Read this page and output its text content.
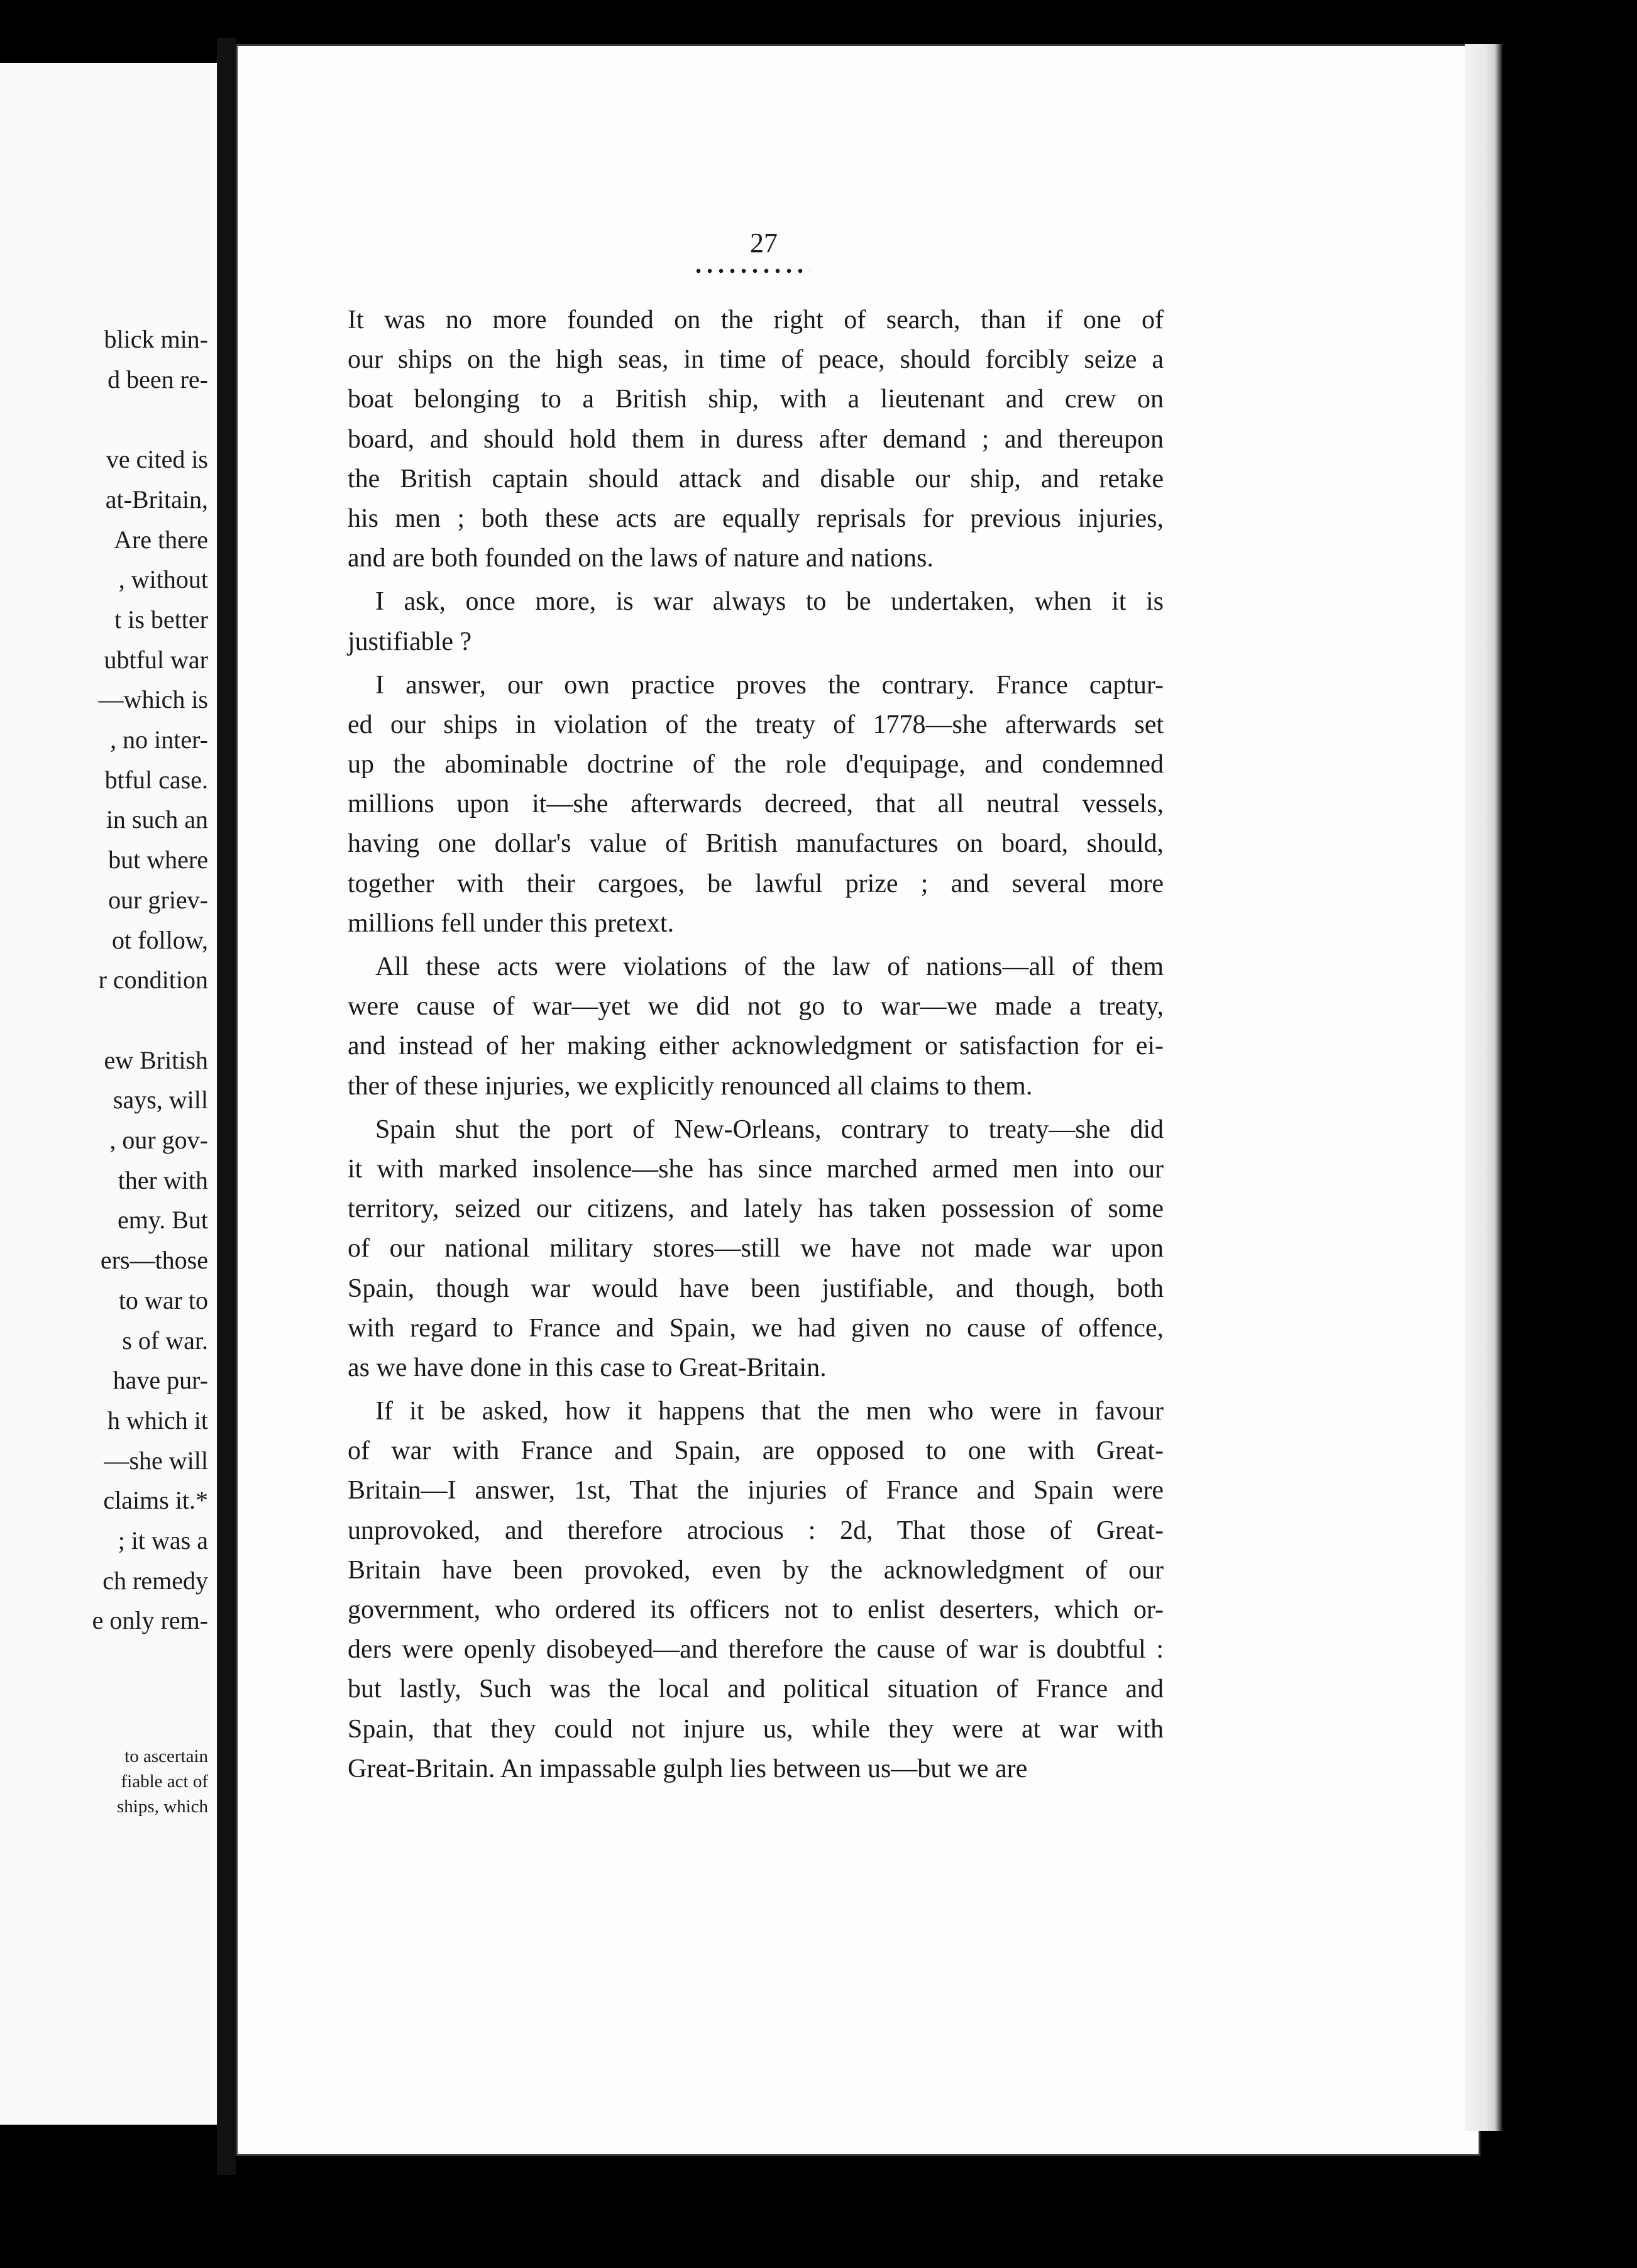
blick min-
d been re-
ve cited is
at-Britain,
Are there
, without
t is better
ubtful war
—which is
, no inter-
btful case.
in such an
but where
our griev-
ot follow,
r condition
ew British
says, will
, our gov-
ther with
emy. But
ers—those
to war to
s of war.
have pur-
h which it
—she will
claims it.*
; it was a
ch remedy
e only rem-
to ascertain
fiable act of
ships, which
27
It was no more founded on the right of search, than if one of
our ships on the high seas, in time of peace, should forcibly seize a
boat belonging to a British ship, with a lieutenant and crew on
board, and should hold them in duress after demand ; and thereupon
the British captain should attack and disable our ship, and retake
his men ; both these acts are equally reprisals for previous injuries,
and are both founded on the laws of nature and nations.
I ask, once more, is war always to be undertaken, when it is
justifiable ?
I answer, our own practice proves the contrary. France captur-
ed our ships in violation of the treaty of 1778—she afterwards set
up the abominable doctrine of the role d'equipage, and condemned
millions upon it—she afterwards decreed, that all neutral vessels,
having one dollar's value of British manufactures on board, should,
together with their cargoes, be lawful prize ; and several more
millions fell under this pretext.
All these acts were violations of the law of nations—all of them
were cause of war—yet we did not go to war—we made a treaty,
and instead of her making either acknowledgment or satisfaction for ei-
ther of these injuries, we explicitly renounced all claims to them.
Spain shut the port of New-Orleans, contrary to treaty—she did
it with marked insolence—she has since marched armed men into our
territory, seized our citizens, and lately has taken possession of some
of our national military stores—still we have not made war upon
Spain, though war would have been justifiable, and though, both
with regard to France and Spain, we had given no cause of offence,
as we have done in this case to Great-Britain.
If it be asked, how it happens that the men who were in favour
of war with France and Spain, are opposed to one with Great-
Britain—I answer, 1st, That the injuries of France and Spain were
unprovoked, and therefore atrocious : 2d, That those of Great-
Britain have been provoked, even by the acknowledgment of our
government, who ordered its officers not to enlist deserters, which or-
ders were openly disobeyed—and therefore the cause of war is doubtful :
but lastly, Such was the local and political situation of France and
Spain, that they could not injure us, while they were at war with
Great-Britain. An impassable gulph lies between us—but we are
